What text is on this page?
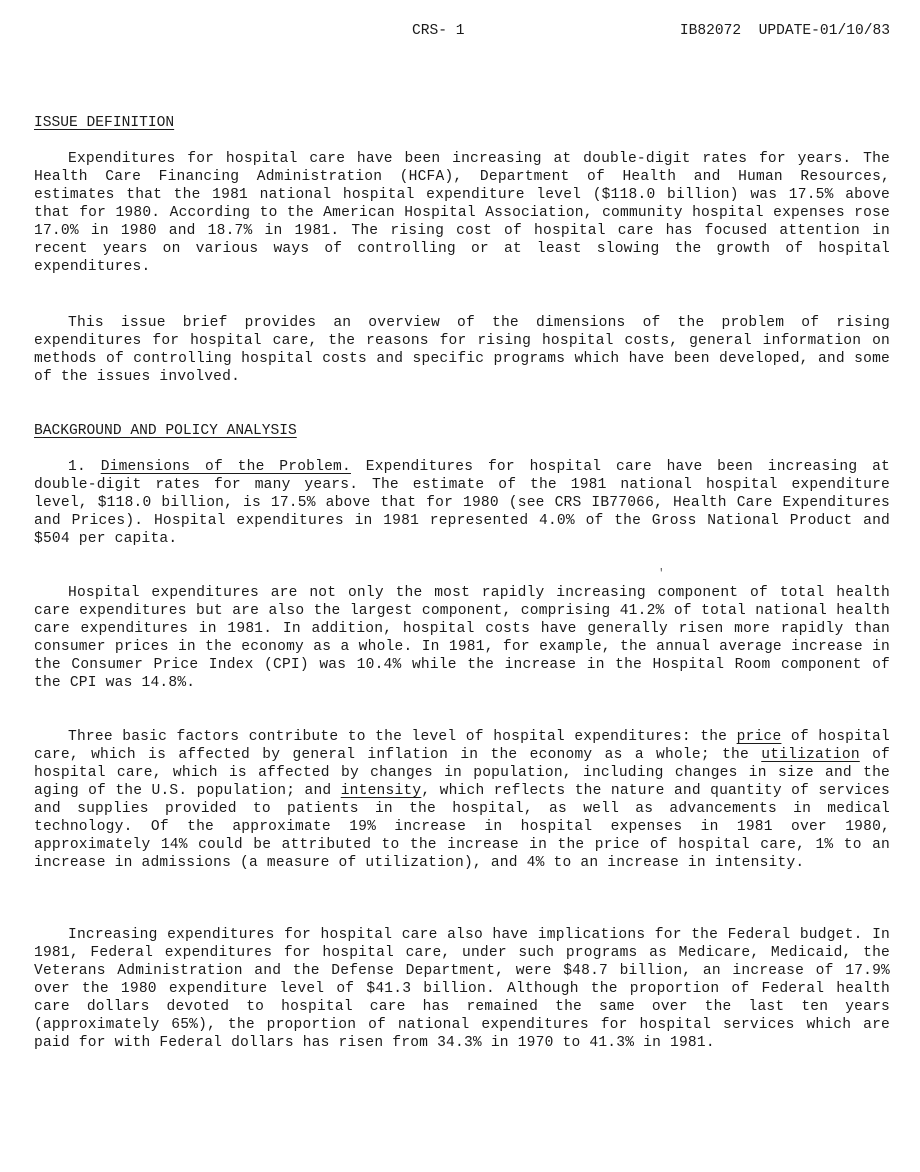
CRS- 1	IB82072  UPDATE-01/10/83
ISSUE DEFINITION

Expenditures for hospital care have been increasing at double-digit rates for years. The Health Care Financing Administration (HCFA), Department of Health and Human Resources, estimates that the 1981 national hospital expenditure level ($118.0 billion) was 17.5% above that for 1980. According to the American Hospital Association, community hospital expenses rose 17.0% in 1980 and 18.7% in 1981. The rising cost of hospital care has focused attention in recent years on various ways of controlling or at least slowing the growth of hospital expenditures.

This issue brief provides an overview of the dimensions of the problem of rising expenditures for hospital care, the reasons for rising hospital costs, general information on methods of controlling hospital costs and specific programs which have been developed, and some of the issues involved.

BACKGROUND AND POLICY ANALYSIS

1. Dimensions of the Problem. Expenditures for hospital care have been increasing at double-digit rates for many years. The estimate of the 1981 national hospital expenditure level, $118.0 billion, is 17.5% above that for 1980 (see CRS IB77066, Health Care Expenditures and Prices). Hospital expenditures in 1981 represented 4.0% of the Gross National Product and $504 per capita.

'

Hospital expenditures are not only the most rapidly increasing component of total health care expenditures but are also the largest component, comprising 41.2% of total national health care expenditures in 1981. In addition, hospital costs have generally risen more rapidly than consumer prices in the economy as a whole. In 1981, for example, the annual average increase in the Consumer Price Index (CPI) was 10.4% while the increase in the Hospital Room component of the CPI was 14.8%.

Three basic factors contribute to the level of hospital expenditures: the price of hospital care, which is affected by general inflation in the economy as a whole; the utilization of hospital care, which is affected by changes in population, including changes in size and the aging of the U.S. population; and intensity, which reflects the nature and quantity of services and supplies provided to patients in the hospital, as well as advancements in medical technology. Of the approximate 19% increase in hospital expenses in 1981 over 1980, approximately 14% could be attributed to the increase in the price of hospital care, 1% to an increase in admissions (a measure of utilization), and 4% to an increase in intensity.

Increasing expenditures for hospital care also have implications for the Federal budget. In 1981, Federal expenditures for hospital care, under such programs as Medicare, Medicaid, the Veterans Administration and the Defense Department, were $48.7 billion, an increase of 17.9% over the 1980 expenditure level of $41.3 billion. Although the proportion of Federal health care dollars devoted to hospital care has remained the same over the last ten years (approximately 65%), the proportion of national expenditures for hospital services which are paid for with Federal dollars has risen from 34.3% in 1970 to 41.3% in 1981.
